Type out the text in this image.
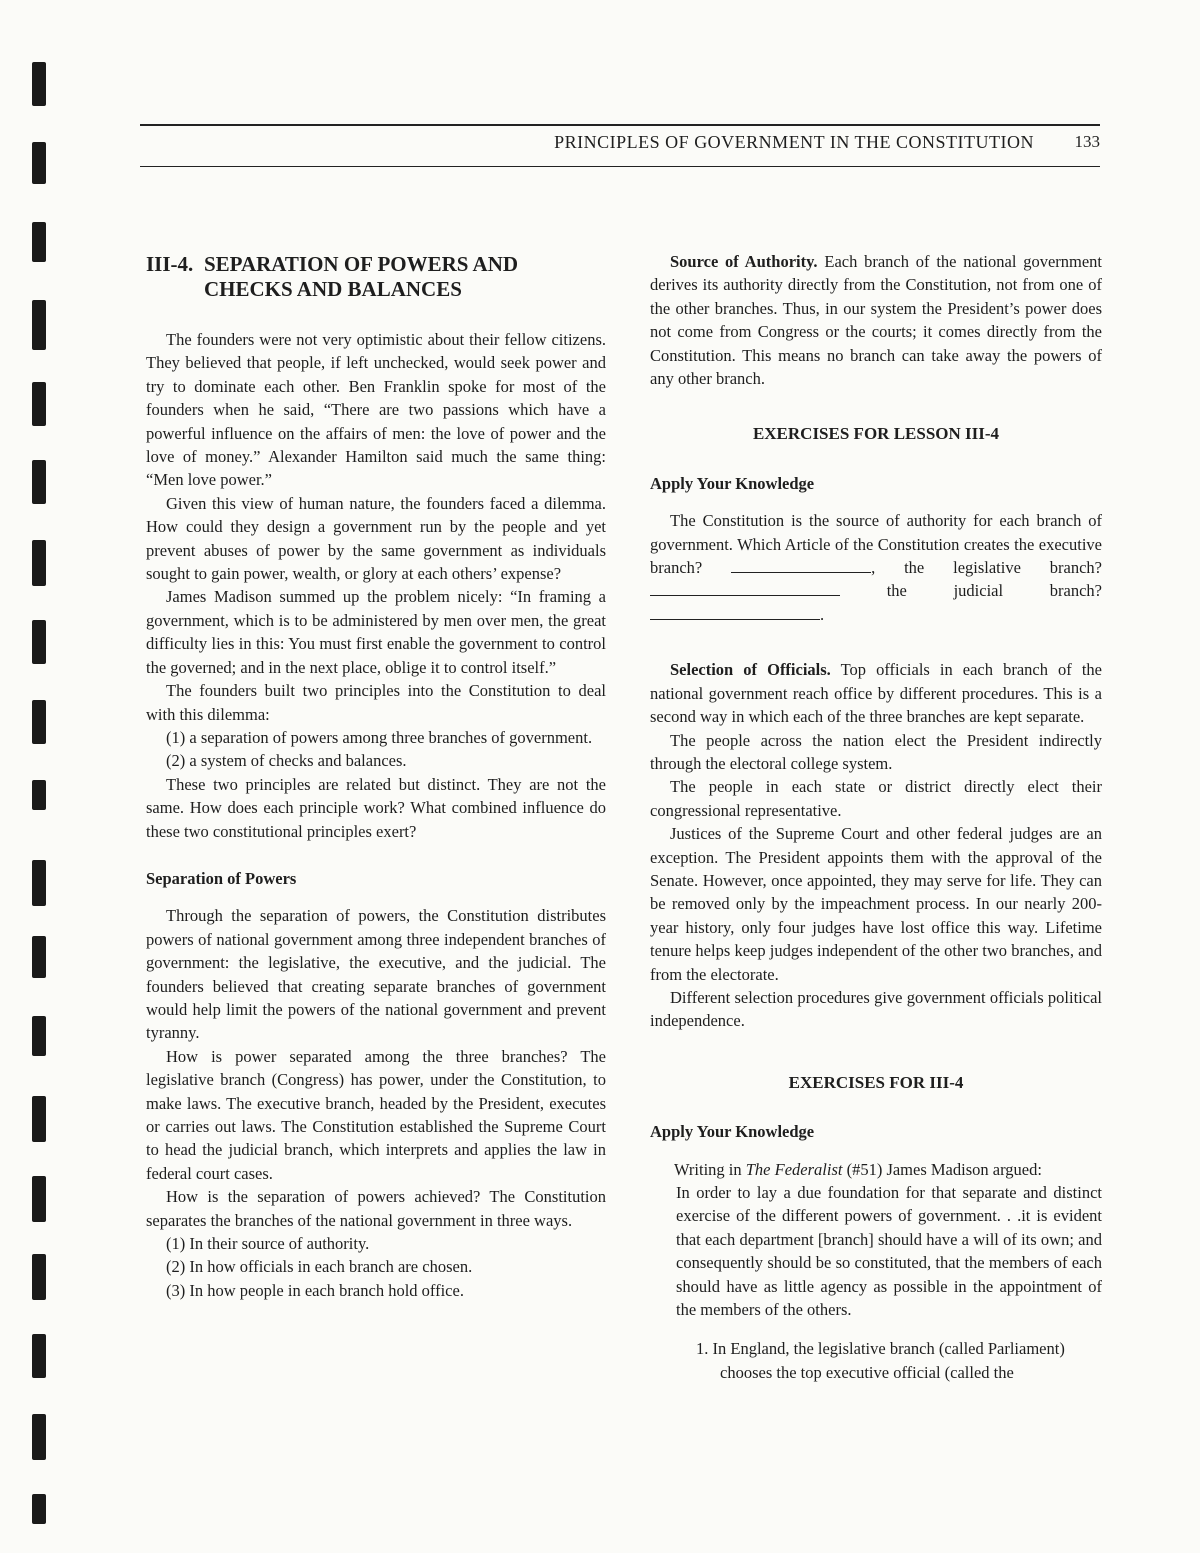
PRINCIPLES OF GOVERNMENT IN THE CONSTITUTION 133
III-4. SEPARATION OF POWERS AND
CHECKS AND BALANCES

The founders were not very optimistic about their fellow citizens. They believed that people, if left unchecked, would seek power and try to dominate each other. Ben Franklin spoke for most of the founders when he said, “There are two passions which have a powerful influence on the affairs of men: the love of power and the love of money.” Alexander Hamilton said much the same thing: “Men love power.”

Given this view of human nature, the founders faced a dilemma. How could they design a government run by the people and yet prevent abuses of power by the same government as individuals sought to gain power, wealth, or glory at each others’ expense?

James Madison summed up the problem nicely: “In framing a government, which is to be administered by men over men, the great difficulty lies in this: You must first enable the government to control the governed; and in the next place, oblige it to control itself.”

The founders built two principles into the Constitution to deal with this dilemma:

(1) a separation of powers among three branches of government.

(2) a system of checks and balances.

These two principles are related but distinct. They are not the same. How does each principle work? What combined influence do these two constitutional principles exert?

Separation of Powers

Through the separation of powers, the Constitution distributes powers of national government among three independent branches of government: the legislative, the executive, and the judicial. The founders believed that creating separate branches of government would help limit the powers of the national government and prevent tyranny.

How is power separated among the three branches? The legislative branch (Congress) has power, under the Constitution, to make laws. The executive branch, headed by the President, executes or carries out laws. The Constitution established the Supreme Court to head the judicial branch, which interprets and applies the law in federal court cases.

How is the separation of powers achieved? The Constitution separates the branches of the national government in three ways.

(1) In their source of authority.

(2) In how officials in each branch are chosen.

(3) In how people in each branch hold office.

Source of Authority. Each branch of the national government derives its authority directly from the Constitution, not from one of the other branches. Thus, in our system the President’s power does not come from Congress or the courts; it comes directly from the Constitution. This means no branch can take away the powers of any other branch.

EXERCISES FOR LESSON III-4
Apply Your Knowledge

The Constitution is the source of authority for each branch of government. Which Article of the Constitution creates the executive branch?	, the legislative branch?  the judicial branch? .

Selection of Officials. Top officials in each branch of the national government reach office by different procedures. This is a second way in which each of the three branches are kept separate.

The people across the nation elect the President indirectly through the electoral college system.

The people in each state or district directly elect their congressional representative.

Justices of the Supreme Court and other federal judges are an exception. The President appoints them with the approval of the Senate. However, once appointed, they may serve for life. They can be removed only by the impeachment process. In our nearly 200-year history, only four judges have lost office this way. Lifetime tenure helps keep judges independent of the other two branches, and from the electorate.

Different selection procedures give government officials political independence.

EXERCISES FOR III-4
Apply Your Knowledge

Writing in The Federalist (#51) James Madison argued:

In order to lay a due foundation for that separate and distinct exercise of the different powers of government. . .it is evident that each department [branch] should have a will of its own; and consequently should be so constituted, that the members of each should have as little agency as possible in the appointment of the members of the others.

1. In England, the legislative branch (called Parliament) chooses the top executive official (called the
